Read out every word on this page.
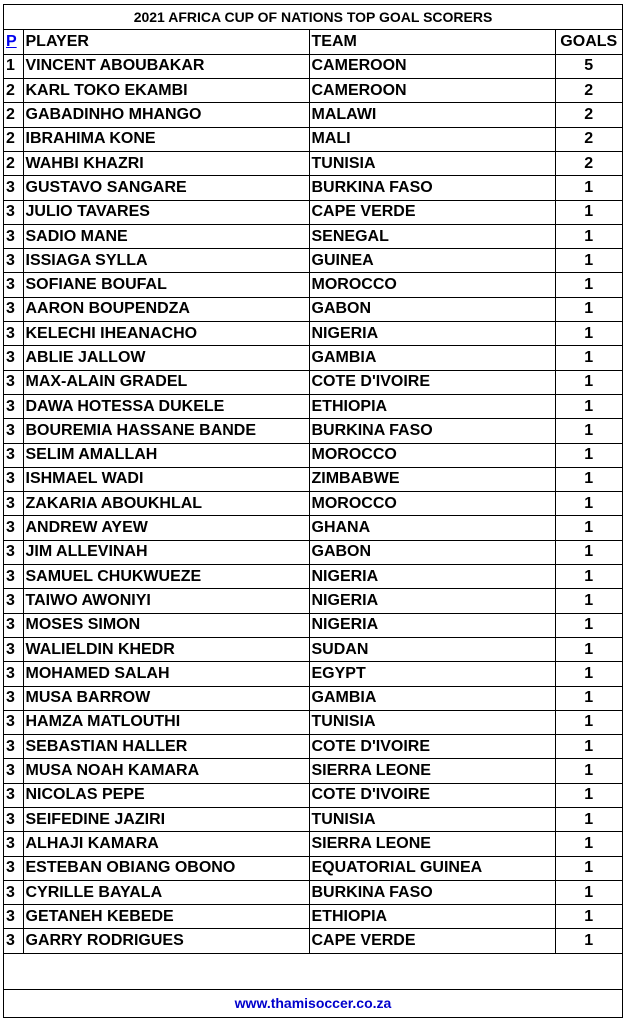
2021 AFRICA CUP OF NATIONS TOP GOAL SCORERS
P	PLAYER	TEAM	GOALS
1	VINCENT ABOUBAKAR	CAMEROON	5
2	KARL TOKO EKAMBI	CAMEROON	2
2	GABADINHO MHANGO	MALAWI	2
2	IBRAHIMA KONE	MALI	2
2	WAHBI KHAZRI	TUNISIA	2
3	GUSTAVO SANGARE	BURKINA FASO	1
3	JULIO TAVARES	CAPE VERDE	1
3	SADIO MANE	SENEGAL	1
3	ISSIAGA SYLLA	GUINEA	1
3	SOFIANE BOUFAL	MOROCCO	1
3	AARON BOUPENDZA	GABON	1
3	KELECHI IHEANACHO	NIGERIA	1
3	ABLIE JALLOW	GAMBIA	1
3	MAX-ALAIN GRADEL	COTE D'IVOIRE	1
3	DAWA HOTESSA DUKELE	ETHIOPIA	1
3	BOUREMIA HASSANE BANDE	BURKINA FASO	1
3	SELIM AMALLAH	MOROCCO	1
3	ISHMAEL WADI	ZIMBABWE	1
3	ZAKARIA ABOUKHLAL	MOROCCO	1
3	ANDREW AYEW	GHANA	1
3	JIM ALLEVINAH	GABON	1
3	SAMUEL CHUKWUEZE	NIGERIA	1
3	TAIWO AWONIYI	NIGERIA	1
3	MOSES SIMON	NIGERIA	1
3	WALIELDIN KHEDR	SUDAN	1
3	MOHAMED SALAH	EGYPT	1
3	MUSA BARROW	GAMBIA	1
3	HAMZA MATLOUTHI	TUNISIA	1
3	SEBASTIAN HALLER	COTE D'IVOIRE	1
3	MUSA NOAH KAMARA	SIERRA LEONE	1
3	NICOLAS PEPE	COTE D'IVOIRE	1
3	SEIFEDINE JAZIRI	TUNISIA	1
3	ALHAJI KAMARA	SIERRA LEONE	1
3	ESTEBAN OBIANG OBONO	EQUATORIAL GUINEA	1
3	CYRILLE BAYALA	BURKINA FASO	1
3	GETANEH KEBEDE	ETHIOPIA	1
3	GARRY RODRIGUES	CAPE VERDE	1
www.thamisoccer.co.za
